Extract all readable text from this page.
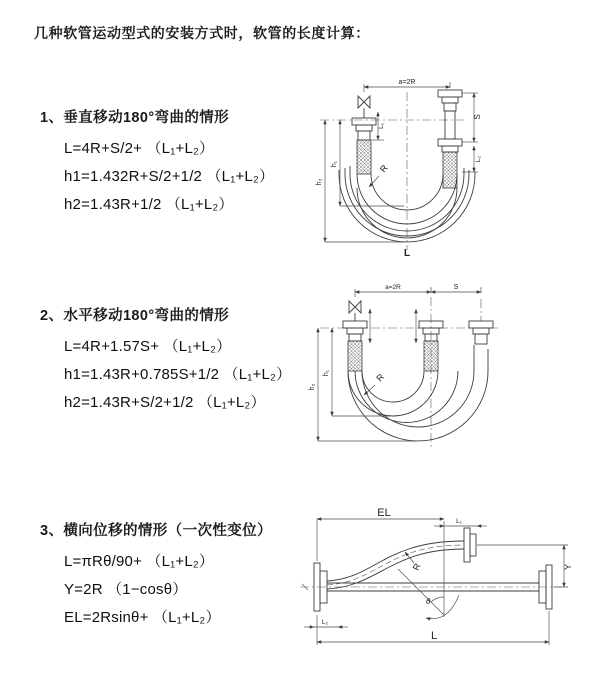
几种软管运动型式的安装方式时，软管的长度计算：
1、垂直移动180°弯曲的情形
L=4R+S/2+ （L₁+L₂）
h1=1.432R+S/2+1/2 （L₁+L₂）
h2=1.43R+1/2 （L₁+L₂）
2、水平移动180°弯曲的情形
L=4R+1.57S+ （L₁+L₂）
h1=1.43R+0.785S+1/2 （L₁+L₂）
h2=1.43R+S/2+1/2 （L₁+L₂）
3、横向位移的情形（一次性变位）
L=πRθ/90+ （L₁+L₂）
Y=2R （1−cosθ）
EL=2Rsinθ+ （L₁+L₂）
a=2R
S
L₂
L₁
h₁
h₂
R
L
a=2R	S
h₁
h₂
R
θ
EL
L₁
Y
L
L₂
R
